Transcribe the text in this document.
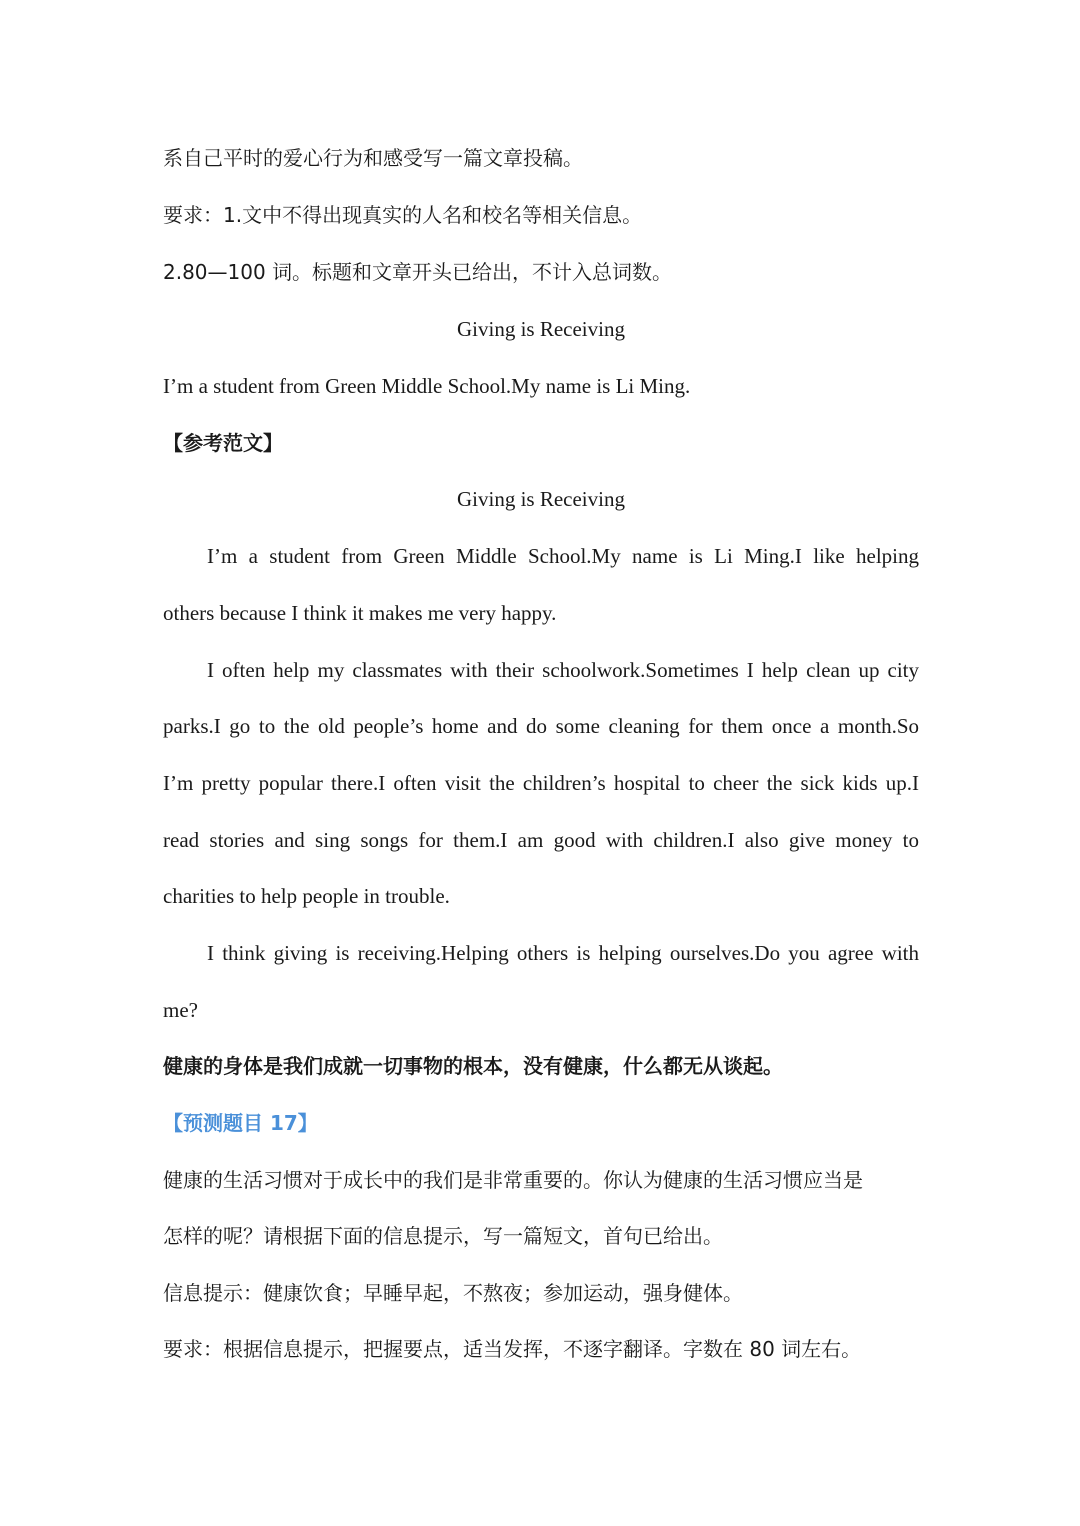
系自己平时的爱心行为和感受写一篇文章投稿。
要求：1.文中不得出现真实的人名和校名等相关信息。
2.80—100 词。标题和文章开头已给出，不计入总词数。
Giving is Receiving
I’m a student from Green Middle School.My name is Li Ming.
【参考范文】
Giving is Receiving
I’m a student from Green Middle School.My name is Li Ming.I like helping
others because I think it makes me very happy.
I often help my classmates with their schoolwork.Sometimes I help clean up city
parks.I go to the old people’s home and do some cleaning for them once a month.So
I’m pretty popular there.I often visit the children’s hospital to cheer the sick kids up.I
read stories and sing songs for them.I am good with children.I also give money to
charities to help people in trouble.
I think giving is receiving.Helping others is helping ourselves.Do you agree with
me?
健康的身体是我们成就一切事物的根本，没有健康，什么都无从谈起。
【预测题目 17】
健康的生活习惯对于成长中的我们是非常重要的。你认为健康的生活习惯应当是
怎样的呢？请根据下面的信息提示，写一篇短文，首句已给出。
信息提示：健康饮食；早睡早起，不熬夜；参加运动，强身健体。
要求：根据信息提示，把握要点，适当发挥，不逐字翻译。字数在 80 词左右。
